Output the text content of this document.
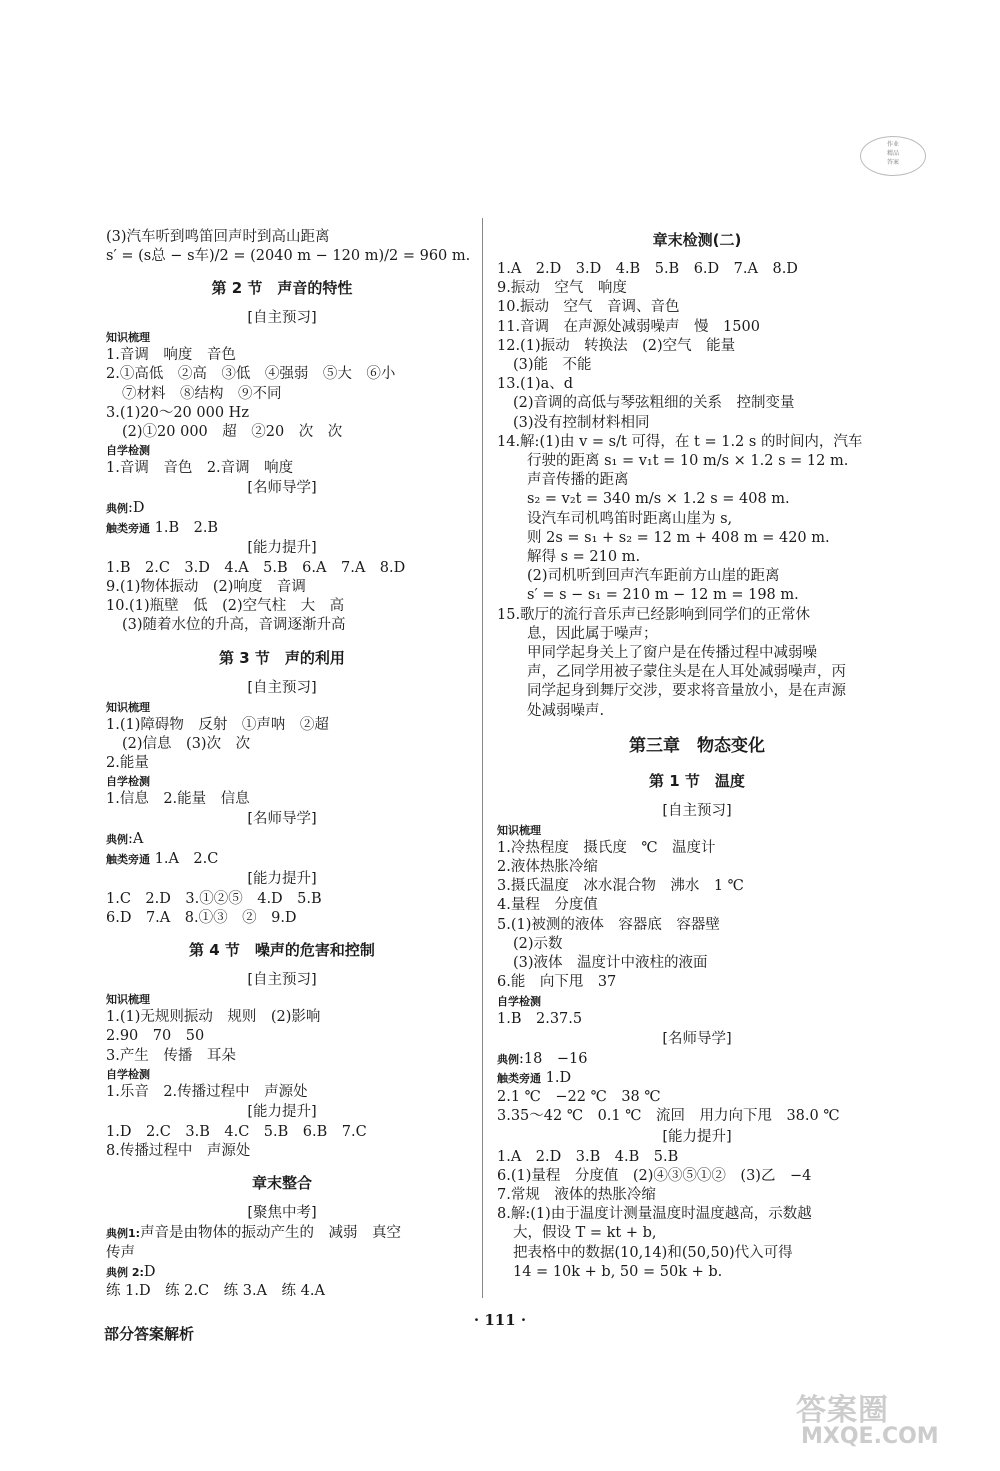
作业
精品
答案
(3)汽车听到鸣笛回声时到高山距离
s′ = (s总 − s车)/2 = (2040 m − 120 m)/2 = 960 m.
第 2 节　声音的特性
[自主预习]
知识梳理
1.音调　响度　音色
2.①高低　②高　③低　④强弱　⑤大　⑥小
⑦材料　⑧结构　⑨不同
3.(1)20～20 000 Hz
(2)①20 000　超　②20　次　次
自学检测
1.音调　音色　2.音调　响度
[名师导学]
典例:D
触类旁通 1.B　2.B
[能力提升]
1.B　2.C　3.D　4.A　5.B　6.A　7.A　8.D
9.(1)物体振动　(2)响度　音调
10.(1)瓶壁　低　(2)空气柱　大　高
(3)随着水位的升高，音调逐渐升高
第 3 节　声的利用
[自主预习]
知识梳理
1.(1)障碍物　反射　①声呐　②超
(2)信息　(3)次　次
2.能量
自学检测
1.信息　2.能量　信息
[名师导学]
典例:A
触类旁通 1.A　2.C
[能力提升]
1.C　2.D　3.①②⑤　4.D　5.B
6.D　7.A　8.①③　②　9.D
第 4 节　噪声的危害和控制
[自主预习]
知识梳理
1.(1)无规则振动　规则　(2)影响
2.90　70　50
3.产生　传播　耳朵
自学检测
1.乐音　2.传播过程中　声源处
[能力提升]
1.D　2.C　3.B　4.C　5.B　6.B　7.C
8.传播过程中　声源处
章末整合
[聚焦中考]
典例1:声音是由物体的振动产生的　减弱　真空
传声
典例 2:D
练 1.D　练 2.C　练 3.A　练 4.A
章末检测(二)
1.A　2.D　3.D　4.B　5.B　6.D　7.A　8.D
9.振动　空气　响度
10.振动　空气　音调、音色
11.音调　在声源处减弱噪声　慢　1500
12.(1)振动　转换法　(2)空气　能量
(3)能　不能
13.(1)a、d
(2)音调的高低与琴弦粗细的关系　控制变量
(3)没有控制材料相同
14.解:(1)由 v = s/t 可得，在 t = 1.2 s 的时间内，汽车
行驶的距离 s₁ = v₁t = 10 m/s × 1.2 s = 12 m.
声音传播的距离
s₂ = v₂t = 340 m/s × 1.2 s = 408 m.
设汽车司机鸣笛时距离山崖为 s,
则 2s = s₁ + s₂ = 12 m + 408 m = 420 m.
解得 s = 210 m.
(2)司机听到回声汽车距前方山崖的距离
s′ = s − s₁ = 210 m − 12 m = 198 m.
15.歌厅的流行音乐声已经影响到同学们的正常休
息，因此属于噪声；
甲同学起身关上了窗户是在传播过程中减弱噪
声，乙同学用被子蒙住头是在人耳处减弱噪声，丙
同学起身到舞厅交涉，要求将音量放小，是在声源
处减弱噪声.
第三章　物态变化
第 1 节　温度
[自主预习]
知识梳理
1.冷热程度　摄氏度　℃　温度计
2.液体热胀冷缩
3.摄氏温度　冰水混合物　沸水　1 ℃
4.量程　分度值
5.(1)被测的液体　容器底　容器壁
(2)示数
(3)液体　温度计中液柱的液面
6.能　向下甩　37
自学检测
1.B　2.37.5
[名师导学]
典例:18　−16
触类旁通 1.D
2.1 ℃　−22 ℃　38 ℃
3.35～42 ℃　0.1 ℃　流回　用力向下甩　38.0 ℃
[能力提升]
1.A　2.D　3.B　4.B　5.B
6.(1)量程　分度值　(2)④③⑤①②　(3)乙　−4
7.常规　液体的热胀冷缩
8.解:(1)由于温度计测量温度时温度越高，示数越
大，假设 T = kt + b,
把表格中的数据(10,14)和(50,50)代入可得
14 = 10k + b, 50 = 50k + b.
· 111 ·
部分答案解析
答案圈
MXQE.COM
